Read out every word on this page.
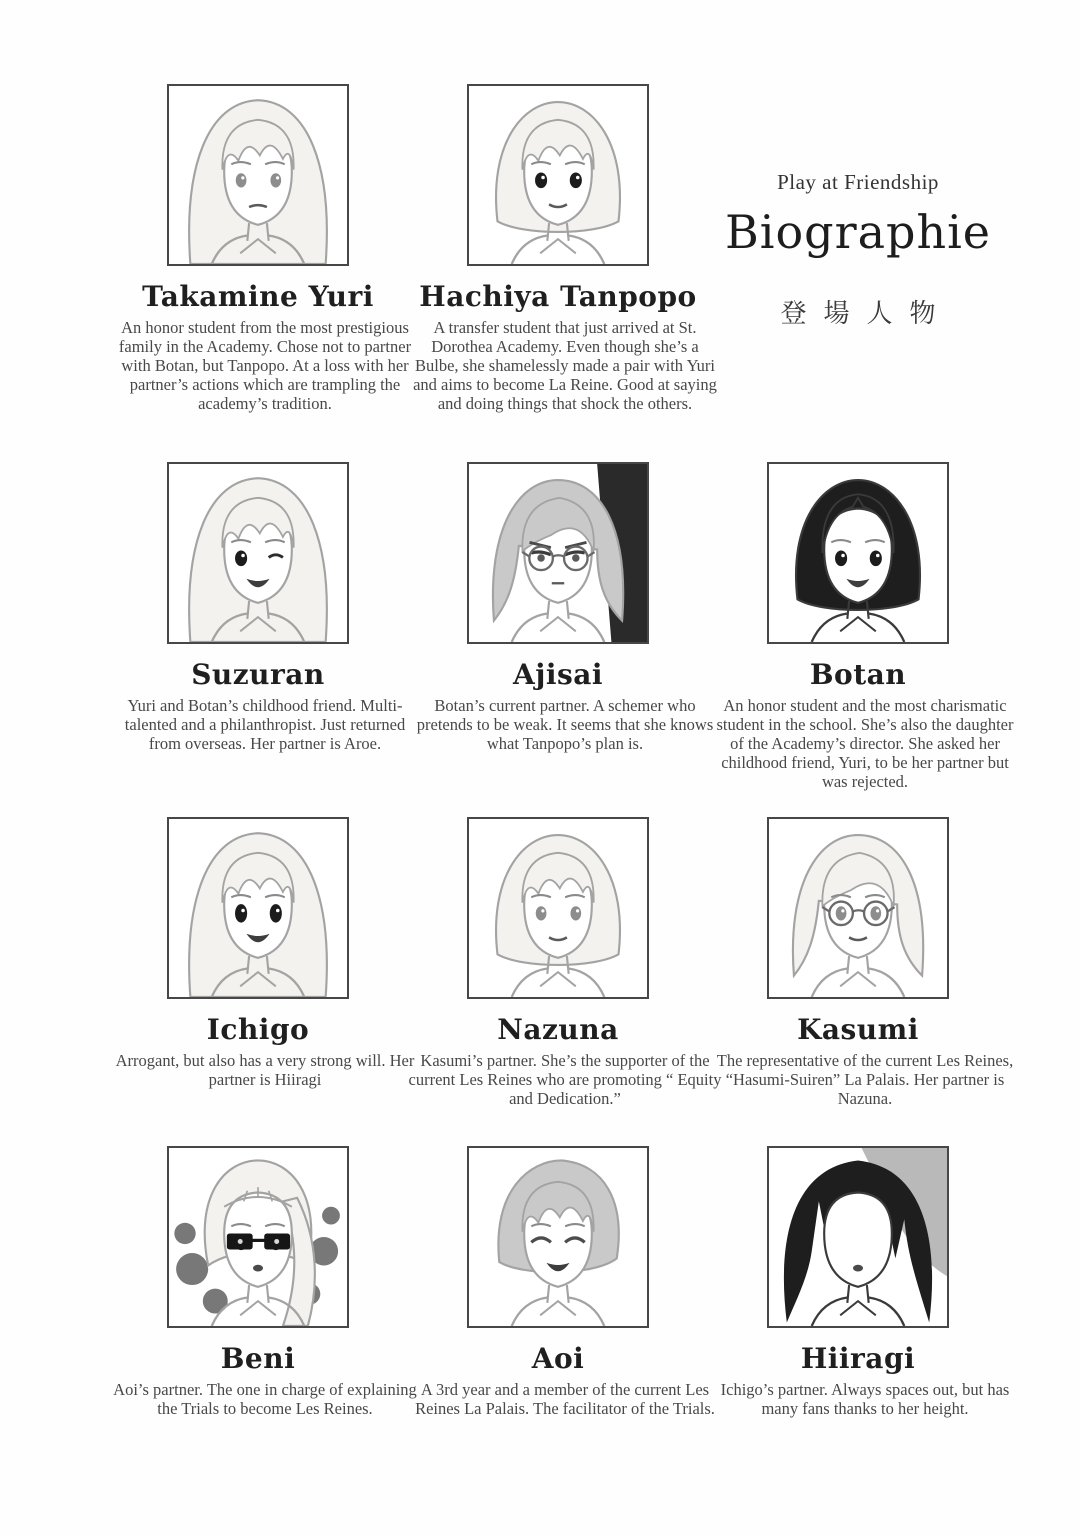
Play at Friendship
Biographie
登場人物
Takamine Yuri
An honor student from the most prestigious family in the Academy. Chose not to partner with Botan, but Tanpopo. At a loss with her partner’s actions which are trampling the academy’s tradition.
Hachiya Tanpopo
A transfer student that just arrived at St. Dorothea Academy. Even though she’s a Bulbe, she shamelessly made a pair with Yuri and aims to become La Reine. Good at saying and doing things that shock the others.
Suzuran
Yuri and Botan’s childhood friend. Multi-talented and a philanthropist. Just returned from overseas. Her partner is Aroe.
Ajisai
Botan’s current partner. A schemer who pretends to be weak. It seems that she knows what Tanpopo’s plan is.
Botan
An honor student and the most charismatic student in the school. She’s also the daughter of the Academy’s director. She asked her childhood friend, Yuri, to be her partner but was rejected.
Ichigo
Arrogant, but also has a very strong will. Her partner is Hiiragi
Nazuna
Kasumi’s partner. She’s the supporter of the current Les Reines who are promoting “ Equity and Dedication.”
Kasumi
The representative of the current Les Reines, “Hasumi-Suiren” La Palais. Her partner is Nazuna.
Beni
Aoi’s partner. The one in charge of explaining the Trials to become Les Reines.
Aoi
A 3rd year and a member of the current Les Reines La Palais. The facilitator of the Trials.
Hiiragi
Ichigo’s partner. Always spaces out, but has many fans thanks to her height.
